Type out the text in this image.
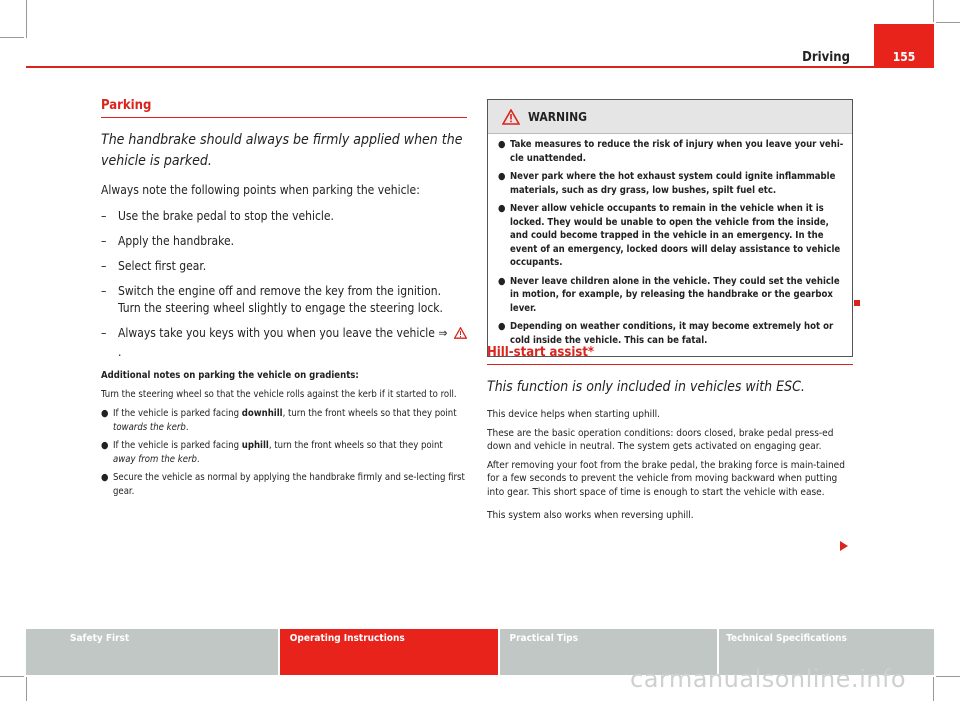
Driving	155
Parking

The handbrake should always be firmly applied when the vehicle is parked.

Always note the following points when parking the vehicle:

– Use the brake pedal to stop the vehicle.
– Apply the handbrake.
– Select first gear.
– Switch the engine off and remove the key from the ignition. Turn the steering wheel slightly to engage the steering lock.
– Always take you keys with you when you leave the vehicle ⇒ .

Additional notes on parking the vehicle on gradients:

Turn the steering wheel so that the vehicle rolls against the kerb if it started to roll.

● If the vehicle is parked facing downhill, turn the front wheels so that they point towards the kerb.
● If the vehicle is parked facing uphill, turn the front wheels so that they point away from the kerb.
● Secure the vehicle as normal by applying the handbrake firmly and se-lecting first gear.
WARNING
● Take measures to reduce the risk of injury when you leave your vehi-cle unattended.
● Never park where the hot exhaust system could ignite inflammable materials, such as dry grass, low bushes, spilt fuel etc.
● Never allow vehicle occupants to remain in the vehicle when it is locked. They would be unable to open the vehicle from the inside, and could become trapped in the vehicle in an emergency. In the event of an emergency, locked doors will delay assistance to vehicle occupants.
● Never leave children alone in the vehicle. They could set the vehicle in motion, for example, by releasing the handbrake or the gearbox lever.
● Depending on weather conditions, it may become extremely hot or cold inside the vehicle. This can be fatal.
Hill-start assist*

This function is only included in vehicles with ESC.

This device helps when starting uphill.

These are the basic operation conditions: doors closed, brake pedal press-ed down and vehicle in neutral. The system gets activated on engaging gear.

After removing your foot from the brake pedal, the braking force is main-tained for a few seconds to prevent the vehicle from moving backward when putting into gear. This short space of time is enough to start the vehicle with ease.

This system also works when reversing uphill.

Safety First	Operating Instructions	Practical Tips	Technical Specifications
carmanualsonline.info
